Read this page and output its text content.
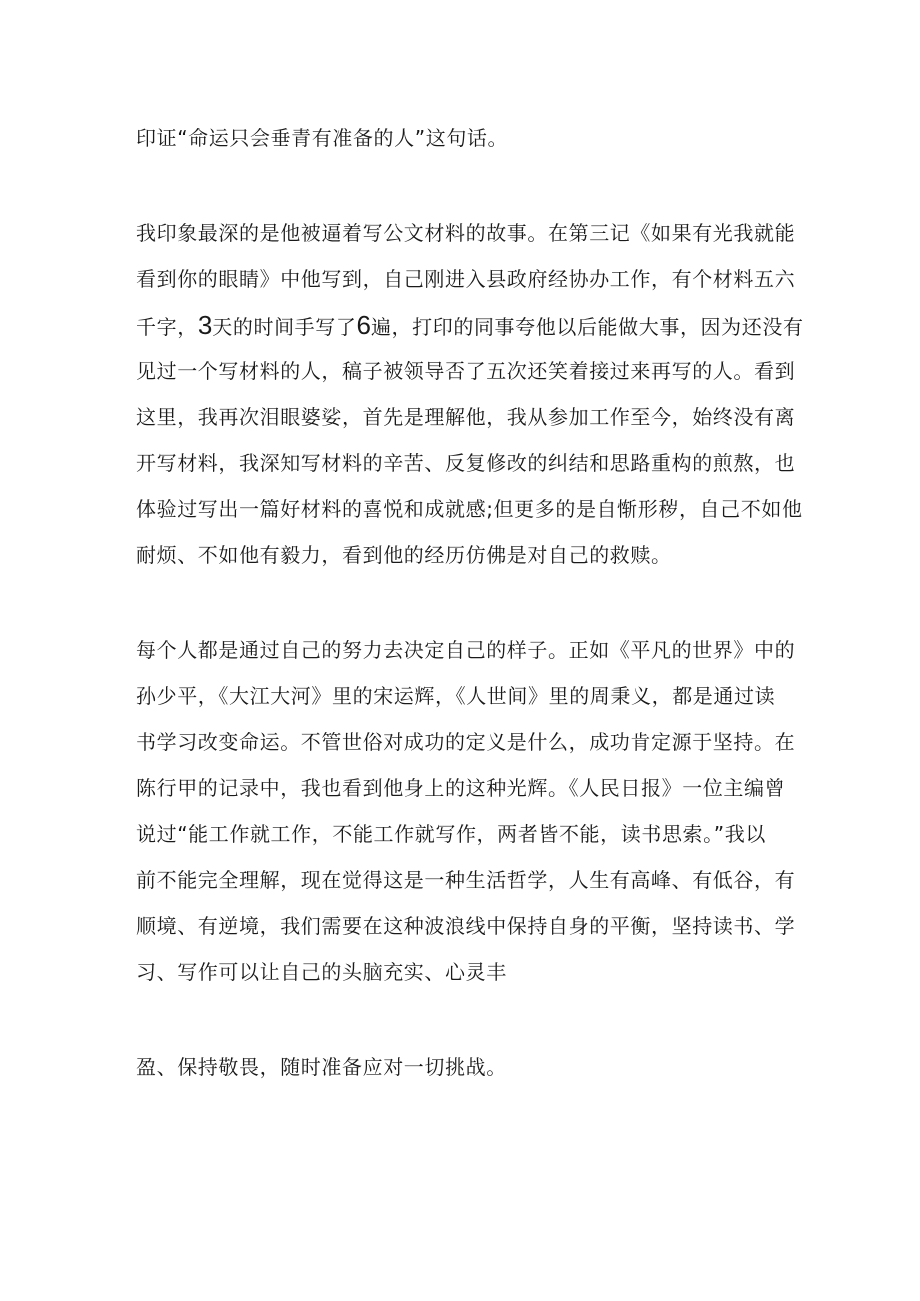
印证“命运只会垂青有准备的人”这句话。
我印象最深的是他被逼着写公文材料的故事。在第三记《如果有光我就能
看到你的眼睛》中他写到，自己刚进入县政府经协办工作，有个材料五六
千字，3天的时间手写了6遍，打印的同事夸他以后能做大事，因为还没有
见过一个写材料的人，稿子被领导否了五次还笑着接过来再写的人。看到
这里，我再次泪眼婆娑，首先是理解他，我从参加工作至今，始终没有离
开写材料，我深知写材料的辛苦、反复修改的纠结和思路重构的煎熬，也
体验过写出一篇好材料的喜悦和成就感;但更多的是自惭形秽，自己不如他
耐烦、不如他有毅力，看到他的经历仿佛是对自己的救赎。
每个人都是通过自己的努力去决定自己的样子。正如《平凡的世界》中的
孙少平，《大江大河》里的宋运辉，《人世间》里的周秉义，都是通过读
书学习改变命运。不管世俗对成功的定义是什么，成功肯定源于坚持。在
陈行甲的记录中，我也看到他身上的这种光辉。《人民日报》一位主编曾
说过“能工作就工作，不能工作就写作，两者皆不能，读书思索。”我以
前不能完全理解，现在觉得这是一种生活哲学，人生有高峰、有低谷，有
顺境、有逆境，我们需要在这种波浪线中保持自身的平衡，坚持读书、学
习、写作可以让自己的头脑充实、心灵丰
盈、保持敬畏，随时准备应对一切挑战。
